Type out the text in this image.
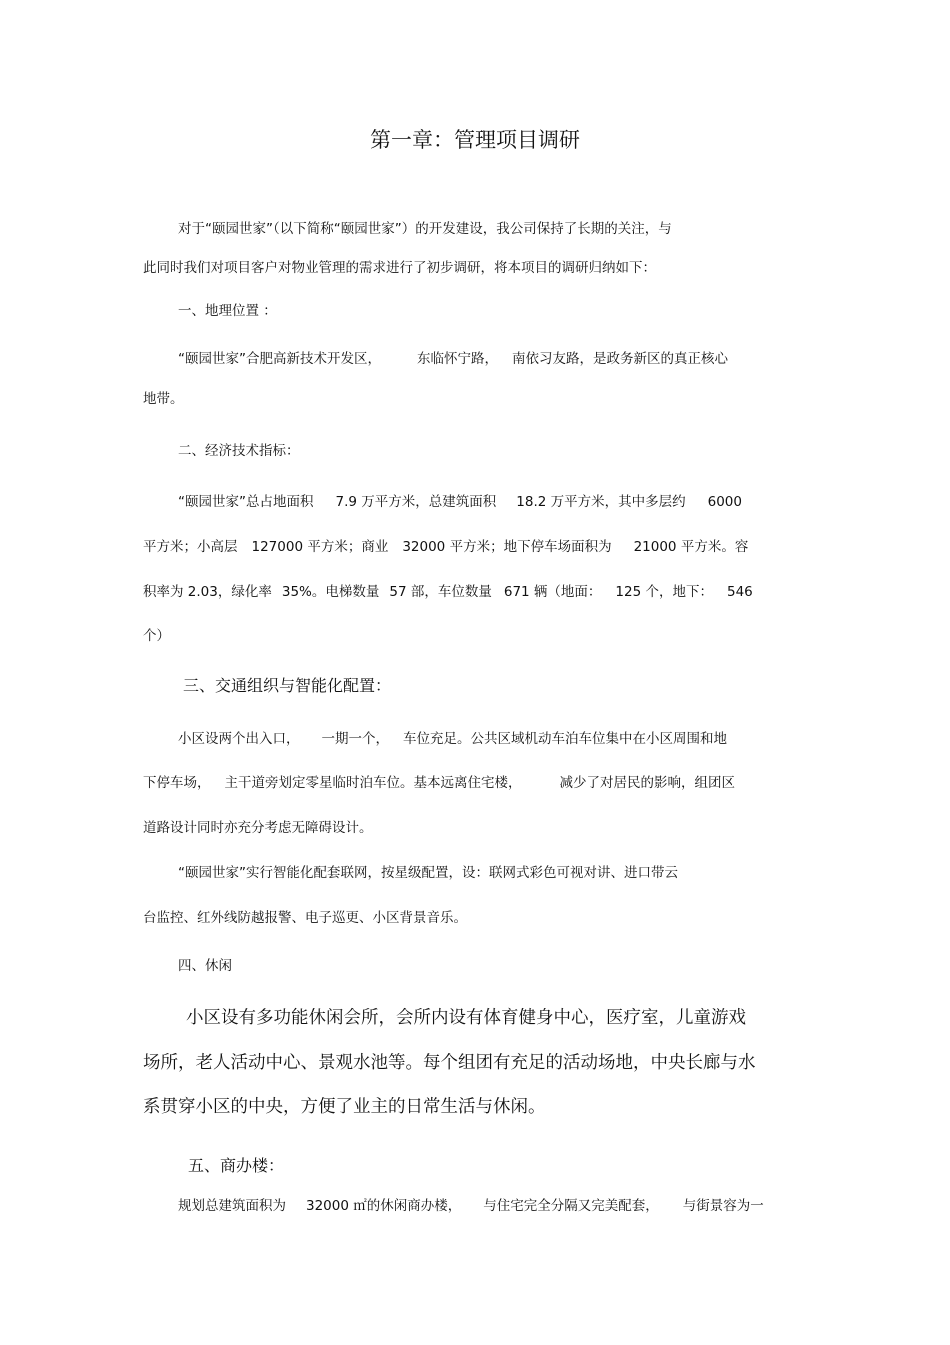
第一章：管理项目调研
对于“颐园世家”（以下简称“颐园世家”）的开发建设，我公司保持了长期的关注，与
此同时我们对项目客户对物业管理的需求进行了初步调研，将本项目的调研归纳如下：
一、地理位置 ：
“颐园世家”合肥高新技术开发区，	东临怀宁路， 南依习友路，是政务新区的真正核心
地带。
二、经济技术指标：
“颐园世家”总占地面积 7.9 万平方米，总建筑面积 18.2 万平方米，其中多层约 6000
平方米；小高层 127000 平方米；商业 32000 平方米；地下停车场面积为 21000 平方米。容
积率为 2.03，绿化率 35%。电梯数量 57 部，车位数量 671 辆（地面： 125 个，地下： 546
个）
三、交通组织与智能化配置：
小区设两个出入口， 一期一个， 车位充足。公共区域机动车泊车位集中在小区周围和地
下停车场， 主干道旁划定零星临时泊车位。基本远离住宅楼，	减少了对居民的影响，组团区
道路设计同时亦充分考虑无障碍设计。
“颐园世家”实行智能化配套联网，按星级配置，设：联网式彩色可视对讲、进口带云
台监控、红外线防越报警、电子巡更、小区背景音乐。
四、休闲
小区设有多功能休闲会所，会所内设有体育健身中心，医疗室，儿童游戏
场所，老人活动中心、景观水池等。每个组团有充足的活动场地，中央长廊与水
系贯穿小区的中央，方便了业主的日常生活与休闲。
五、商办楼：
规划总建筑面积为 32000 ㎡的休闲商办楼， 与住宅完全分隔又完美配套， 与街景容为一
